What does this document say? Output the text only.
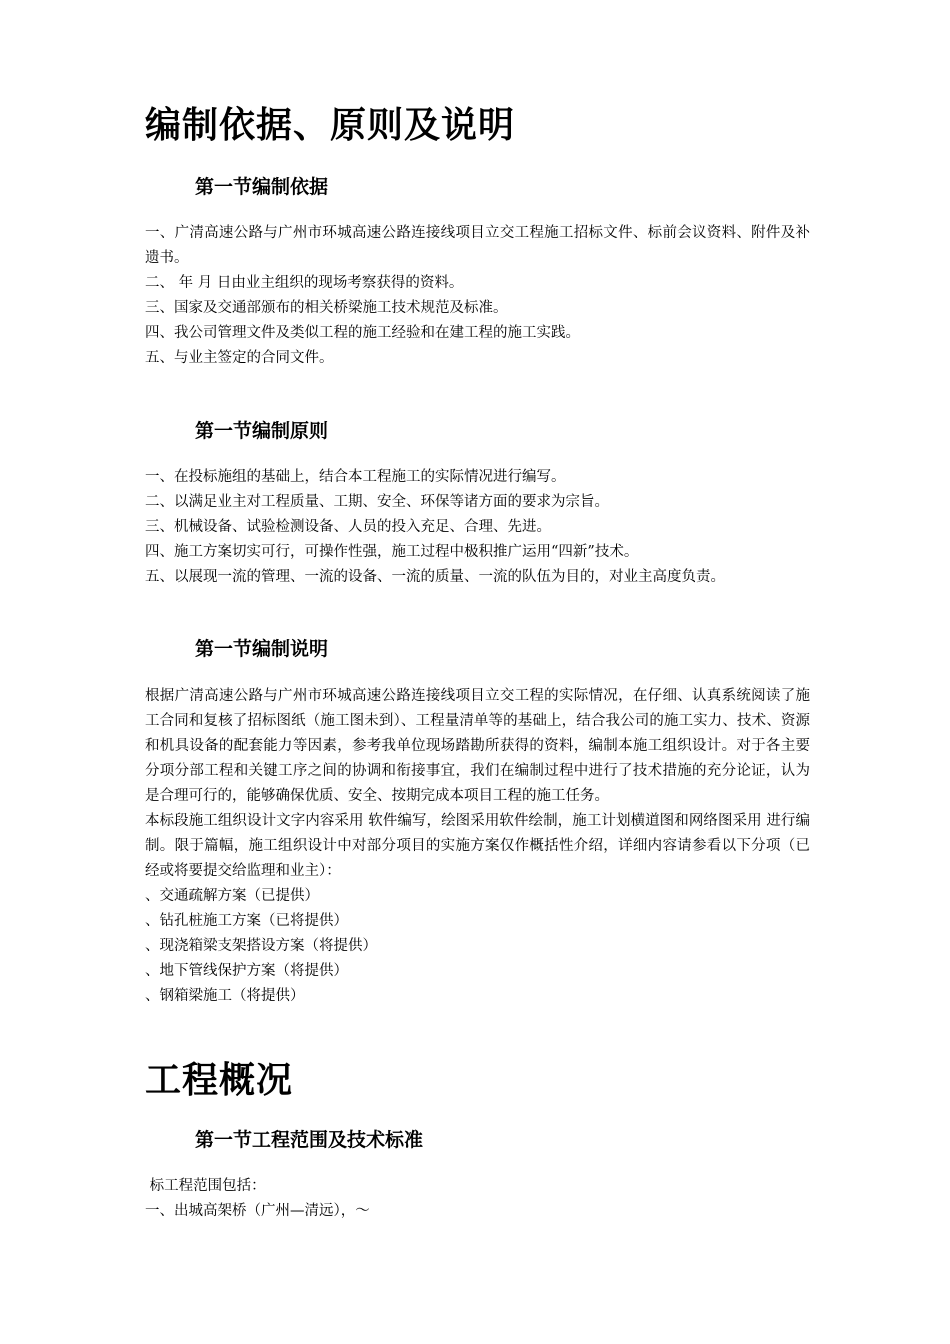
编制依据、原则及说明
第一节编制依据

一、广清高速公路与广州市环城高速公路连接线项目立交工程施工招标文件、标前会议资料、附件及补遗书。

二、 年 月 日由业主组织的现场考察获得的资料。

三、国家及交通部颁布的相关桥梁施工技术规范及标准。

四、我公司管理文件及类似工程的施工经验和在建工程的施工实践。

五、与业主签定的合同文件。

第一节编制原则

一、在投标施组的基础上，结合本工程施工的实际情况进行编写。

二、以满足业主对工程质量、工期、安全、环保等诸方面的要求为宗旨。

三、机械设备、试验检测设备、人员的投入充足、合理、先进。

四、施工方案切实可行，可操作性强，施工过程中极积推广运用“四新”技术。

五、以展现一流的管理、一流的设备、一流的质量、一流的队伍为目的，对业主高度负责。

第一节编制说明

根据广清高速公路与广州市环城高速公路连接线项目立交工程的实际情况，在仔细、认真系统阅读了施工合同和复核了招标图纸（施工图未到）、工程量清单等的基础上，结合我公司的施工实力、技术、资源和机具设备的配套能力等因素，参考我单位现场踏勘所获得的资料，编制本施工组织设计。对于各主要分项分部工程和关键工序之间的协调和衔接事宜，我们在编制过程中进行了技术措施的充分论证，认为是合理可行的，能够确保优质、安全、按期完成本项目工程的施工任务。

本标段施工组织设计文字内容采用 软件编写，绘图采用软件绘制，施工计划横道图和网络图采用 进行编制。限于篇幅，施工组织设计中对部分项目的实施方案仅作概括性介绍，详细内容请参看以下分项（已经或将要提交给监理和业主）：

、交通疏解方案（已提供）

、钻孔桩施工方案（已将提供）

、现浇箱梁支架搭设方案（将提供）

、地下管线保护方案（将提供）

、钢箱梁施工（将提供）

工程概况
第一节工程范围及技术标准

标工程范围包括：

一、出城高架桥（广州—清远），～
